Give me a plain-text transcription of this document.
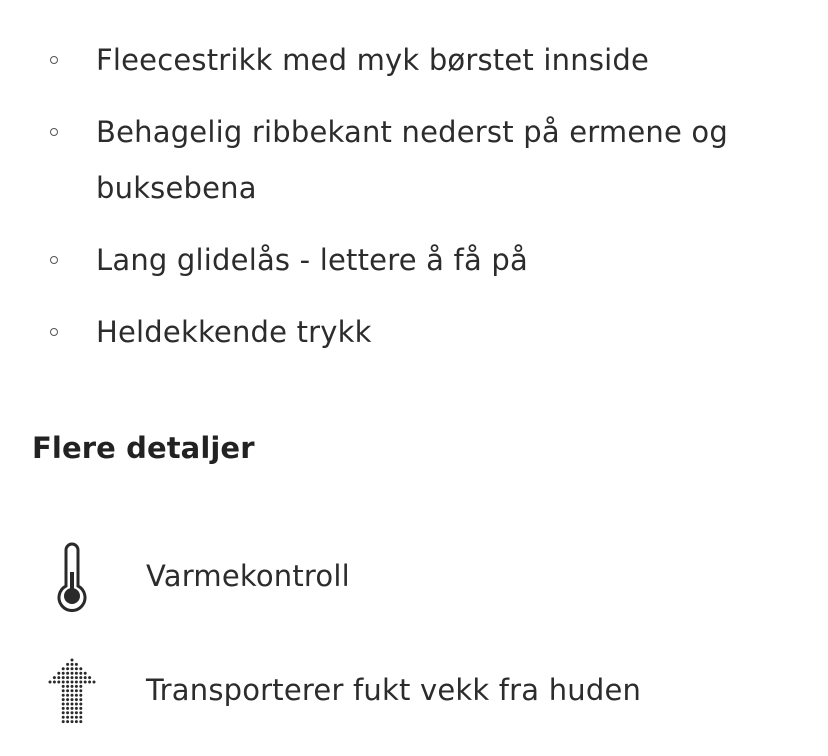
Fleecestrikk med myk børstet innside
Behagelig ribbekant nederst på ermene og buksebena
Lang glidelås - lettere å få på
Heldekkende trykk
Flere detaljer
Varmekontroll
Transporterer fukt vekk fra huden
